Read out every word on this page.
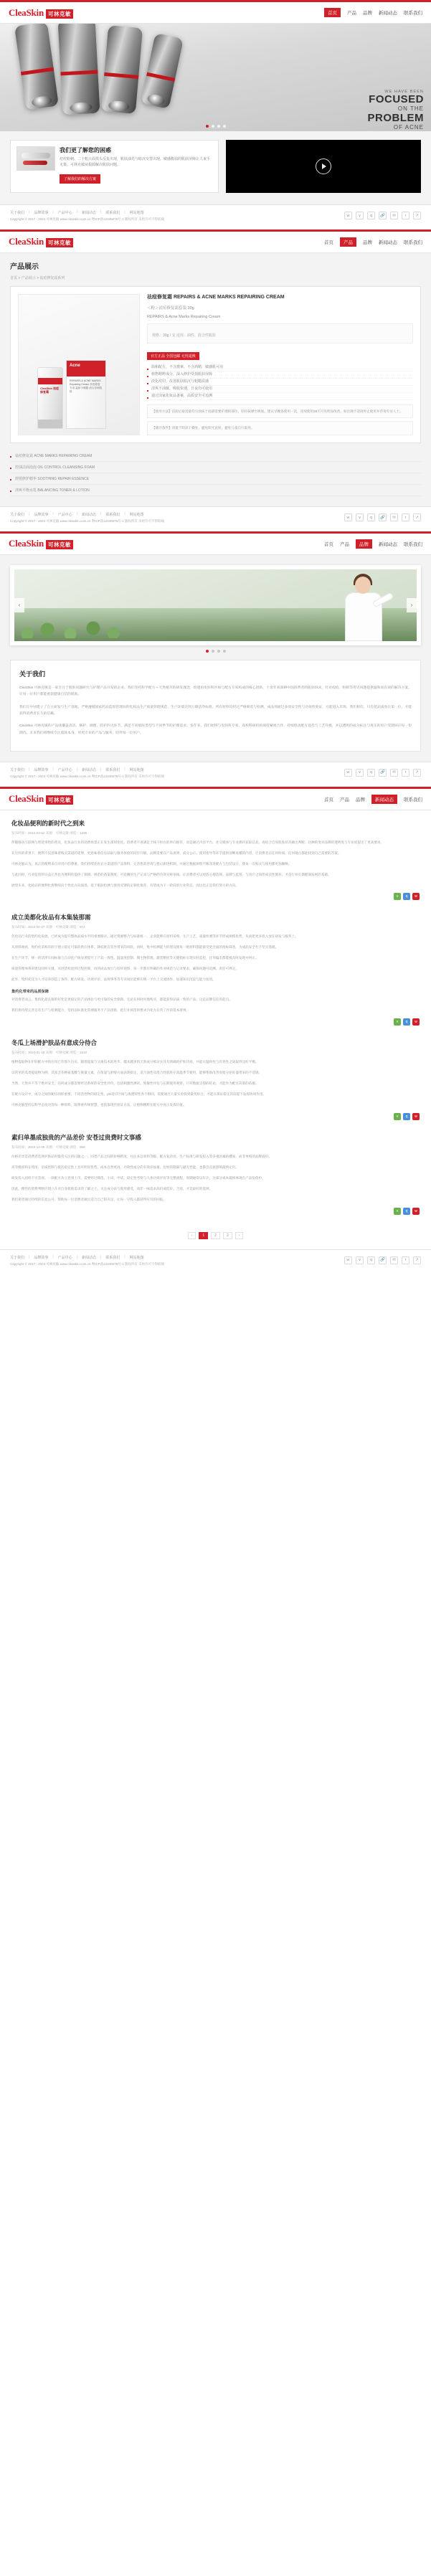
CleaSkin 可林克敏	首页	产品 品牌 新闻动态 联系我们
WE HAVE BEEN
FOCUSED
ON THE
PROBLEM
OF ACNE
我们更了解您的困惑

痘痘粉刺、二十粗大面黑头反复出现，肌肤油光与暗沉交替出现，敏感脆弱的肌肤屏障让人束手无策。可林克敏从根源解决肌肤问题。

了解我们的解决方案
关于我们 | 品牌故事 | 产品中心 | 新闻动态 | 联系我们 | 网站地图
Copyright © 2017 - 2024 可林克敏 www.cleaskin.com.cn 粤ICP备12345678号-1 版权所有 未经许可不得转载
w	v	q	🔗	✉	r	↗
CleaSkin 可林克敏	首页	产品	品牌 新闻动态 联系我们
产品展示
首页 > 产品展示 > 祛痘修复霜系列
CleaSkin 祛痘修复霜
Acne
REPAIRS & ACNE MARKS Repairing Cream 祛痘修复专用 温和不刺激 适合各种肌肤
祛痘修复霜 REPAIRS & ACNE MARKS REPAIRING CREAM
＜粉＞祛痘修复霜套装 30g
REPAIRS & Acne Marks Repairing Cream
规格：30g / 支 适用：油性、混合性肌肤
官方正品 全国包邮 无忧退换
温和配方，不含激素、不含酒精，敏感肌可用
植物精粹成分，深入修护受损肌肤屏障
淡化痘印，改善肌肤暗沉与粗糙质感
清爽不油腻，吸收快速，日夜均可使用
通过国家化妆品备案，品质安全可追溯
【使用方法】洁面后取适量均匀涂抹于面部需要护理的部位，轻轻按摩至吸收。建议早晚各使用一次，连续使用28天可见明显改善。如出现不适请停止使用并咨询专业人士。
【储存条件】请置于阴凉干燥处，避免阳光直射，避免儿童自行取用。
祛痘修复霜 ACNE MARKS REPAIRING CREAM
控油洁面泡泡 OIL CONTROL CLEANSING FOAM
舒缓修护精华 SOOTHING REPAIR ESSENCE
清爽平衡水乳 BALANCING TONER & LOTION
关于我们 | 品牌故事 | 产品中心 | 新闻动态 | 联系我们 | 网站地图
Copyright © 2017 - 2024 可林克敏 www.cleaskin.com.cn 粤ICP备12345678号-1 版权所有 未经许可不得转载
w	v	q	🔗	✉	r	↗
CleaSkin 可林克敏	首页 产品	品牌	新闻动态 联系我们
‹	›
关于我们

CleaSkin 可林克敏是一家专注于肌肤问题研究与护理产品开发的企业。我们坚持科学配方＋天然植萃的研发理念，组建由皮肤科医师与配方专家构成的核心团队，十余年来深耕中国消费者的肌肤诉求，针对痘痘、粉刺等常见问题提供温和而有效的解决方案，让每一位用户都能重获健康自信的肌肤。

我们在中国建立了自主研发与生产基地，严格遵循国家药品监督管理局的化妆品生产质量管理规范，生产环境达到万级洁净标准。所有原料均经过严格筛选与检测，成品须通过多项安全性与功效性验证，方能进入市场。我们相信，只有把品质放在第一位，才能获得消费者长久的信赖。

CleaSkin 可林克敏的产品线覆盖清洁、修护、调理、防护四大环节，满足不同肌肤类型与不同季节的护理需求。多年来，我们始终与皮肤科专家、高校科研机构保持紧密合作，持续推动配方迭代与工艺升级，并以透明的成分标注与真实的用户反馈回应每一份期待。未来我们将继续专注肌肤本身，用更专业的产品与服务，陪伴每一位用户。

关于我们 | 品牌故事 | 产品中心 | 新闻动态 | 联系我们 | 网站地图
Copyright © 2017 - 2024 可林克敏 www.cleaskin.com.cn 粤ICP备12345678号-1 版权所有 未经许可不得转载
w	v	q	🔗	✉	r	↗
CleaSkin 可林克敏	首页 产品 品牌	新闻动态	联系我们
化妆品便利的新时代之到来
发布时间：2024-03-12 来源：可林克敏 浏览：1286

伴随移动互联网与智能零售的普及，化妆品行业的消费场景正在发生深刻变化。消费者不再满足于线下柜台的单向推荐，而是通过内容平台、社交媒体与专业测评获取信息，再结合自身肌肤状况做出判断。这种转变对品牌的透明度与专业度提出了更高要求。

在这样的背景下，便利不仅意味着购买渠道的延伸，更意味着信息获取与服务体验的同步升级。品牌需要在产品说明、成分公示、使用指导等环节提供清晰易懂的内容，让消费者在任何时间、任何地点都能找到自己需要的答案。

可林克敏认为，真正的便利来自对用户的尊重。我们持续优化官方渠道的产品资料，完善售前咨询与售后跟进机制，并通过数据洞察不断改进配方与包装设计，使每一次购买与使用都更加顺畅。

与此同时，行业监管的日益完善也为便利化提供了保障。规范的备案制度、可追溯的生产记录与严格的功效宣称审核，让消费者可以更放心地选择。品牌与监管、与用户之间形成良性循环，才是行业长期健康发展的基础。

展望未来，化妆品的便利化将继续向个性化方向演进。基于肌肤检测与使用反馈的定制化推荐，有望成为下一阶段的行业常态，而这也正是我们努力的方向。

v	q	w
成立美都化妆品有本集装那需
发布时间：2024-02-27 来源：可林克敏 浏览：974

化妆品行业的集约化发展，已经成为提升整体品质水平的重要路径。通过资源整合与标准统一，企业能够在原料采购、生产工艺、质量检测等环节形成规模优势，从而把更多投入放在研发与服务上。

从原料端看，集约化采购有助于建立稳定可靠的供应体系，降低批次差异带来的风险。同时，集中检测能力的建设使每一批原料都能接受更全面的指标筛查，为成品安全打下坚实基础。

在生产环节，统一的洁净车间标准与自动化产线显著提升了产品一致性。温湿度控制、微生物管理、灌装精度等关键指标实现实时监控，任何偏差都能被及时发现并纠正。

质量管理体系的建设同样关键。从进货检验到过程控制，再到成品放行与留样观察，每一步都有明确的作业规范与记录要求，确保问题可追溯、责任可界定。

此外，集约化还为人才培养创造了条件。配方研发、功效评价、法规事务等专业岗位能够在统一平台上交流协作，加速知识沉淀与能力复用。

集约化带来的品质保障

对消费者而言，集约化最直接的好处是更稳定的产品体验与更可靠的安全保障。无论在何时何地购买，都能获得品质一致的产品，这是品牌信任的起点。

我们将持续完善自有生产与检测能力，坚持以标准化管理服务于产品创新，把行业规范的要求内化为日常工作的基本准则。

v	q	w
冬瓜上场滑护肤品有意成分待合
发布时间：2024-01-18 来源：可林克敏 浏览：1532

植物提取物在护肤配方中的应用已有悠久历史。随着提取与分离技术的进步，越来越多的天然成分被证实具有明确的护肤功效，并能在温和性与有效性之间取得良好平衡。

以常见的瓜类提取物为例，其富含多种氨基酸与微量元素，在保湿与舒缓方面表现稳定，适合油性及混合性肌肤在高温季节使用，能够帮助改善皮脂分泌旺盛带来的不适感。

当然，天然并不等于绝对安全。任何成分都需要经过系统的安全性评价，包括刺激性测试、致敏性评估与长期使用观察。只有数据支撑的结论，才能作为配方决策的依据。

在配方设计中，成分之间的配伍同样重要。不同活性物的稳定性、pH适应区间与渗透特性各不相同，需要通过大量实验找到最优组合，才能在保证稳定的前提下发挥协同作用。

可林克敏坚持以科学态度对待每一种原料，既尊重传统智慧，也依靠现代验证方法，让植物精粹在配方中真正发挥价值。

v	q	w
素归单墨成独贵的产品差价 安苍过贵费时文事感
发布时间：2023-12-05 来源：可林克敏 浏览：868

价格差异是消费者选择护肤品时最常关注的问题之一。同类产品之间的价格跨度，往往来自原料等级、配方复杂度、生产标准与研发投入等多重因素的叠加，而非单纯的品牌溢价。

高等级原料在纯度、杂质控制与批次稳定性上具有明显优势，成本自然更高。功效性成分的有效添加量、包材的阻隔与避光性能，也都会直接影响最终定价。

研发投入同样不可忽视。一款配方从立意到上市，需要经过筛选、小试、中试、稳定性考察与人体功效评价等完整流程，周期通常以年计，这部分成本最终体现在产品价值中。

因此，理性的消费判断应建立在对自身肌肤需求的了解之上，关注成分表与使用感受，而非一味追求高价或低价。合适，才是最好的选择。

我们希望通过持续的信息公开，帮助每一位消费者做出适合自己的决定，让每一分投入都获得应有的回报。

v	q	w
‹	1	2	3	›
关于我们 | 品牌故事 | 产品中心 | 新闻动态 | 联系我们 | 网站地图
Copyright © 2017 - 2024 可林克敏 www.cleaskin.com.cn 粤ICP备12345678号-1 版权所有 未经许可不得转载
w	v	q	🔗	✉	r	↗
